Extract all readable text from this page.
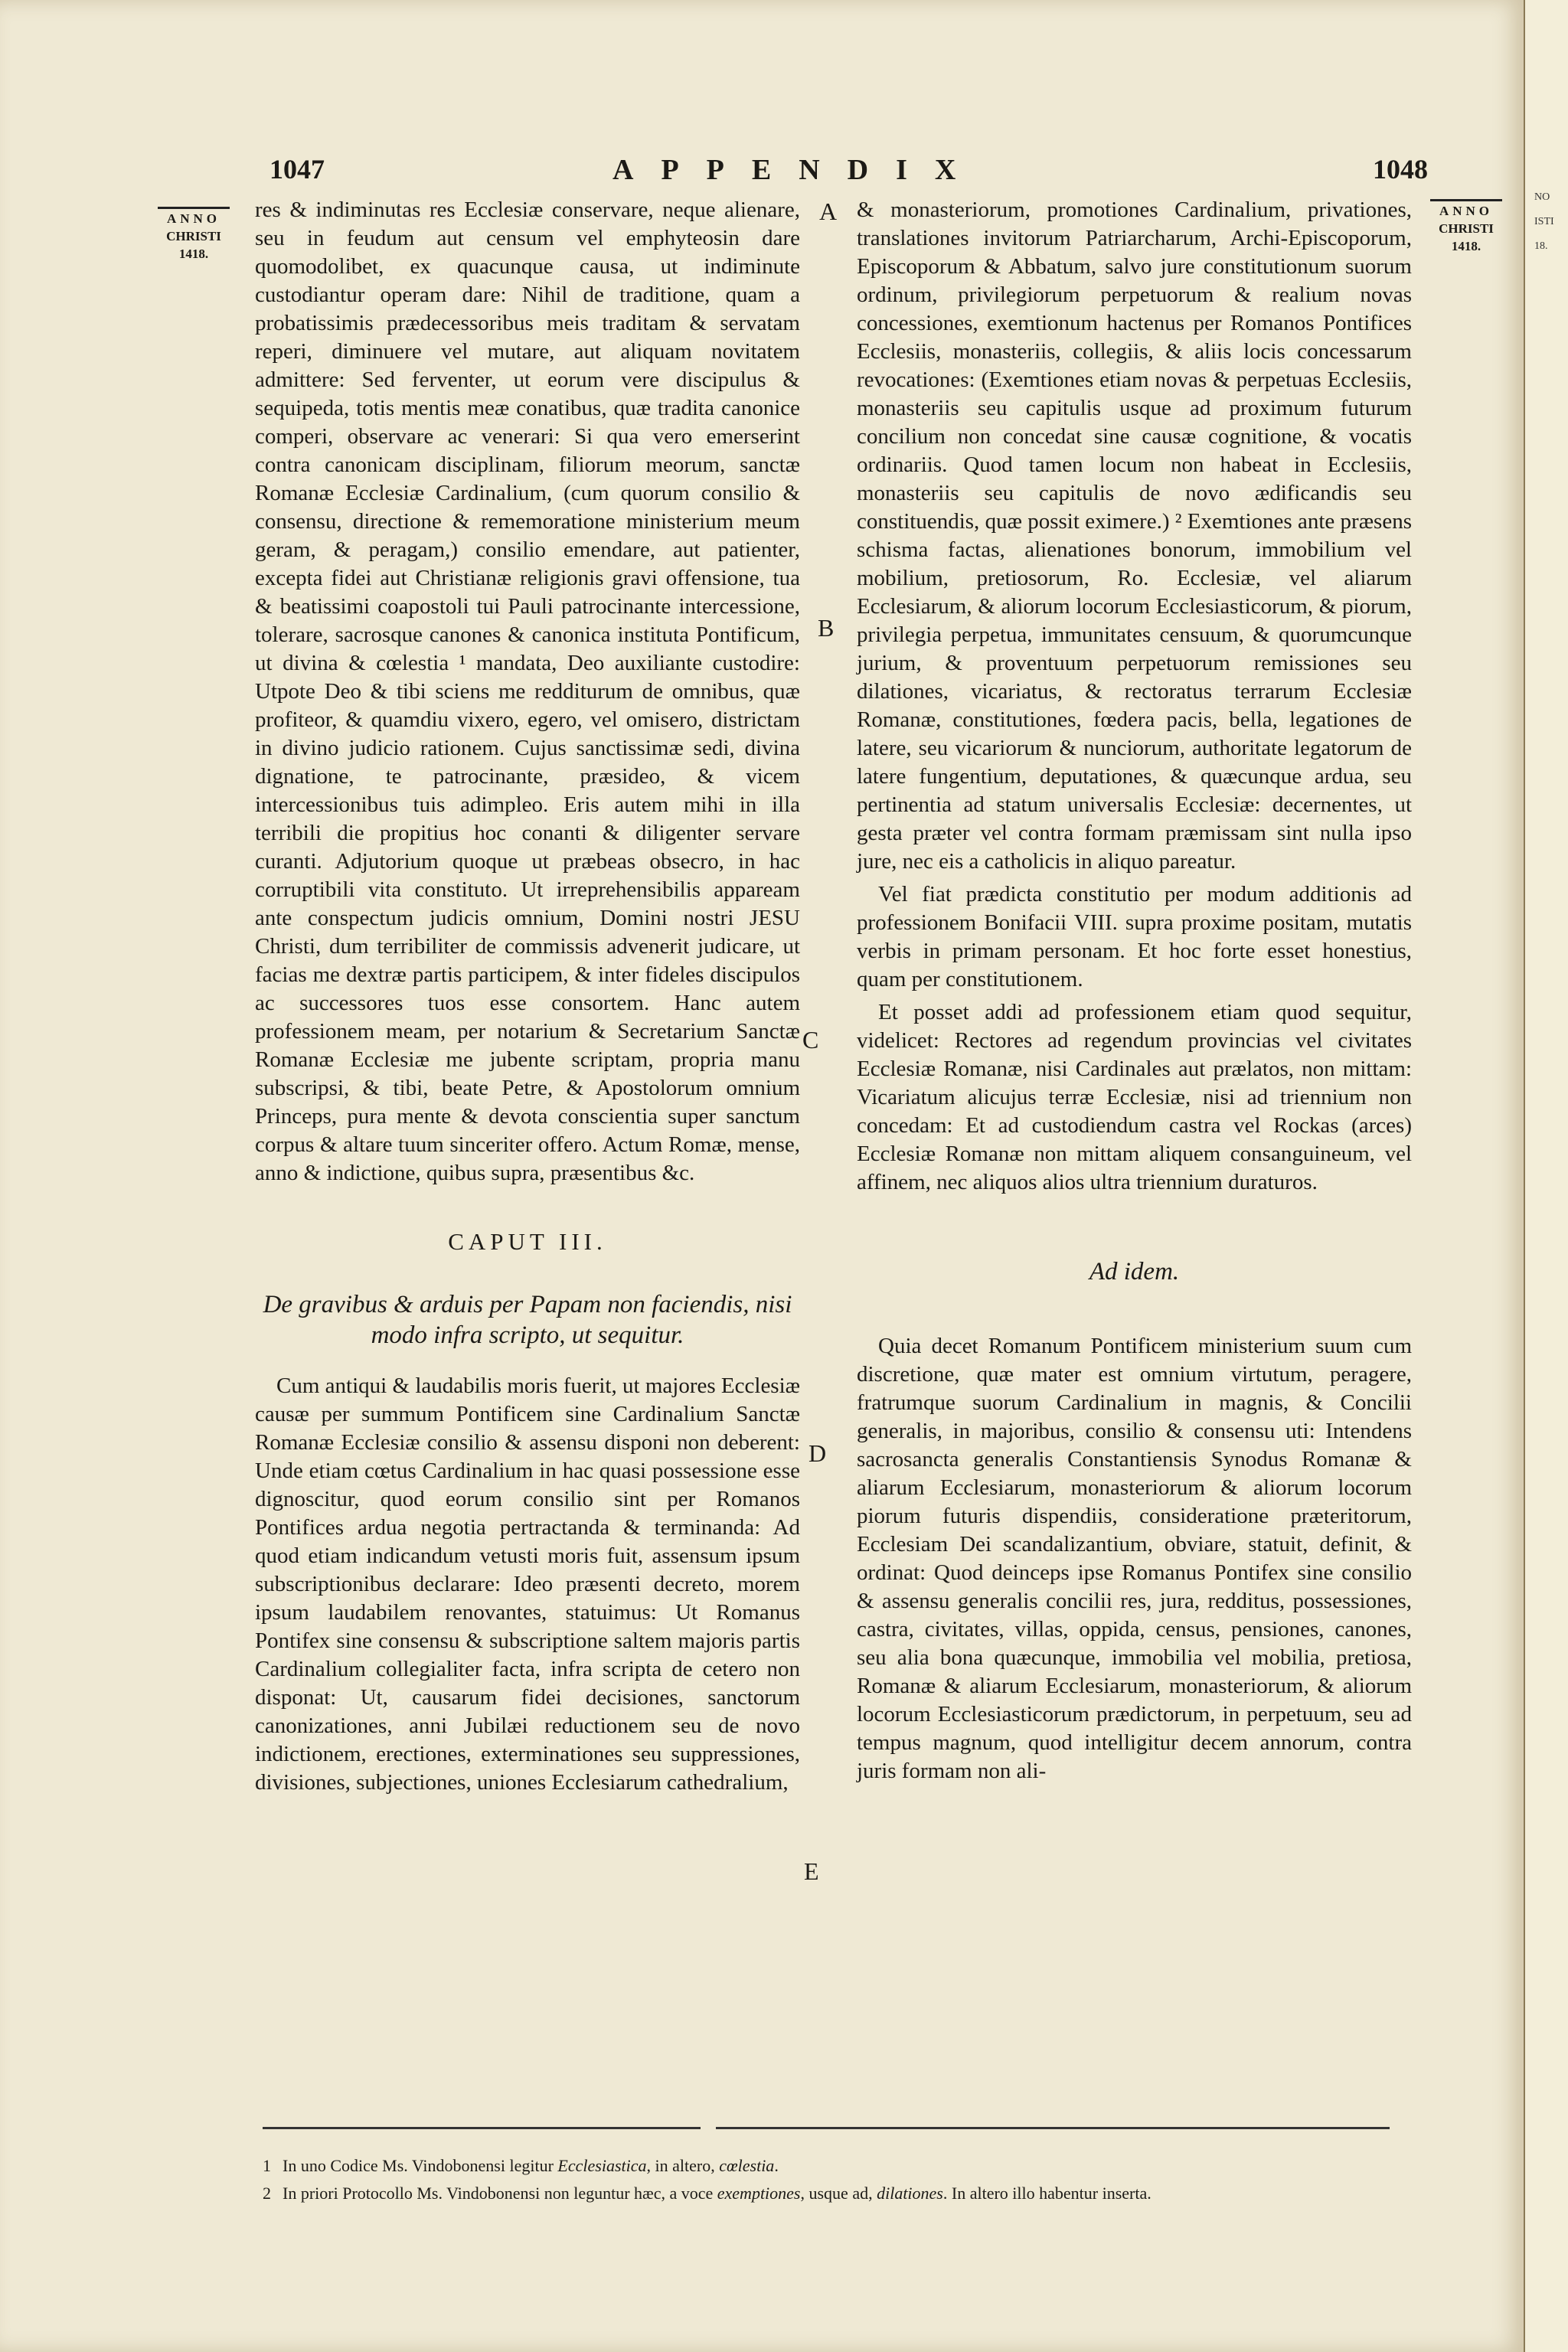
1047	APPENDIX	1048
ANNO
CHRISTI
1418.
ANNO
CHRISTI
1418.
A
B
C
D
E

res & indiminutas res Ecclesiæ conservare, neque alienare, seu in feudum aut censum vel emphyteosin dare quomodolibet, ex quacunque causa, ut indiminute custodiantur operam dare: Nihil de traditione, quam a probatissimis prædecessoribus meis traditam & servatam reperi, diminuere vel mutare, aut aliquam novitatem admittere: Sed ferventer, ut eorum vere discipulus & sequipeda, totis mentis meæ conatibus, quæ tradita canonice comperi, observare ac venerari: Si qua vero emerserint contra canonicam disciplinam, filiorum meorum, sanctæ Romanæ Ecclesiæ Cardinalium, (cum quorum consilio & consensu, directione & rememoratione ministerium meum geram, & peragam,) consilio emendare, aut patienter, excepta fidei aut Christianæ religionis gravi offensione, tua & beatissimi coapostoli tui Pauli patrocinante intercessione, tolerare, sacrosque canones & canonica instituta Pontificum, ut divina & cœlestia ¹ mandata, Deo auxiliante custodire: Utpote Deo & tibi sciens me redditurum de omnibus, quæ profiteor, & quamdiu vixero, egero, vel omisero, districtam in divino judicio rationem. Cujus sanctissimæ sedi, divina dignatione, te patrocinante, præsideo, & vicem intercessionibus tuis adimpleo. Eris autem mihi in illa terribili die propitius hoc conanti & diligenter servare curanti. Adjutorium quoque ut præbeas obsecro, in hac corruptibili vita constituto. Ut irreprehensibilis appaream ante conspectum judicis omnium, Domini nostri JESU Christi, dum terribiliter de commissis advenerit judicare, ut facias me dextræ partis participem, & inter fideles discipulos ac successores tuos esse consortem. Hanc autem professionem meam, per notarium & Secretarium Sanctæ Romanæ Ecclesiæ me jubente scriptam, propria manu subscripsi, & tibi, beate Petre, & Apostolorum omnium Princeps, pura mente & devota conscientia super sanctum corpus & altare tuum sinceriter offero. Actum Romæ, mense, anno & indictione, quibus supra, præsentibus &c.

CAPUT III.
De gravibus & arduis per Papam non faciendis, nisi modo infra scripto, ut sequitur.

Cum antiqui & laudabilis moris fuerit, ut majores Ecclesiæ causæ per summum Pontificem sine Cardinalium Sanctæ Romanæ Ecclesiæ consilio & assensu disponi non deberent: Unde etiam cœtus Cardinalium in hac quasi possessione esse dignoscitur, quod eorum consilio sint per Romanos Pontifices ardua negotia pertractanda & terminanda: Ad quod etiam indicandum vetusti moris fuit, assensum ipsum subscriptionibus declarare: Ideo præsenti decreto, morem ipsum laudabilem renovantes, statuimus: Ut Romanus Pontifex sine consensu & subscriptione saltem majoris partis Cardinalium collegialiter facta, infra scripta de cetero non disponat: Ut, causarum fidei decisiones, sanctorum canonizationes, anni Jubilæi reductionem seu de novo indictionem, erectiones, exterminationes seu suppressiones, divisiones, subjectiones, uniones Ecclesiarum cathedralium,

& monasteriorum, promotiones Cardinalium, privationes, translationes invitorum Patriarcharum, Archi-Episcoporum, Episcoporum & Abbatum, salvo jure constitutionum suorum ordinum, privilegiorum perpetuorum & realium novas concessiones, exemtionum hactenus per Romanos Pontifices Ecclesiis, monasteriis, collegiis, & aliis locis concessarum revocationes: (Exemtiones etiam novas & perpetuas Ecclesiis, monasteriis seu capitulis usque ad proximum futurum concilium non concedat sine causæ cognitione, & vocatis ordinariis. Quod tamen locum non habeat in Ecclesiis, monasteriis seu capitulis de novo ædificandis seu constituendis, quæ possit eximere.) ² Exemtiones ante præsens schisma factas, alienationes bonorum, immobilium vel mobilium, pretiosorum, Ro. Ecclesiæ, vel aliarum Ecclesiarum, & aliorum locorum Ecclesiasticorum, & piorum, privilegia perpetua, immunitates censuum, & quorumcunque jurium, & proventuum perpetuorum remissiones seu dilationes, vicariatus, & rectoratus terrarum Ecclesiæ Romanæ, constitutiones, fœdera pacis, bella, legationes de latere, seu vicariorum & nunciorum, authoritate legatorum de latere fungentium, deputationes, & quæcunque ardua, seu pertinentia ad statum universalis Ecclesiæ: decernentes, ut gesta præter vel contra formam præmissam sint nulla ipso jure, nec eis a catholicis in aliquo pareatur.

Vel fiat prædicta constitutio per modum additionis ad professionem Bonifacii VIII. supra proxime positam, mutatis verbis in primam personam. Et hoc forte esset honestius, quam per constitutionem.

Et posset addi ad professionem etiam quod sequitur, videlicet: Rectores ad regendum provincias vel civitates Ecclesiæ Romanæ, nisi Cardinales aut prælatos, non mittam: Vicariatum alicujus terræ Ecclesiæ, nisi ad triennium non concedam: Et ad custodiendum castra vel Rockas (arces) Ecclesiæ Romanæ non mittam aliquem consanguineum, vel affinem, nec aliquos alios ultra triennium duraturos.

Ad idem.

Quia decet Romanum Pontificem ministerium suum cum discretione, quæ mater est omnium virtutum, peragere, fratrumque suorum Cardinalium in magnis, & Concilii generalis, in majoribus, consilio & consensu uti: Intendens sacrosancta generalis Constantiensis Synodus Romanæ & aliarum Ecclesiarum, monasteriorum & aliorum locorum piorum futuris dispendiis, consideratione præteritorum, Ecclesiam Dei scandalizantium, obviare, statuit, definit, & ordinat: Quod deinceps ipse Romanus Pontifex sine consilio & assensu generalis concilii res, jura, redditus, possessiones, castra, civitates, villas, oppida, census, pensiones, canones, seu alia bona quæcunque, immobilia vel mobilia, pretiosa, Romanæ & aliarum Ecclesiarum, monasteriorum, & aliorum locorum Ecclesiasticorum prædictorum, in perpetuum, seu ad tempus magnum, quod intelligitur decem annorum, contra juris formam non ali-

1 In uno Codice Ms. Vindobonensi legitur Ecclesiastica, in altero, cœlestia.
2 In priori Protocollo Ms. Vindobonensi non leguntur hæc, a voce exemptiones, usque ad, dilationes. In altero illo habentur inserta.
NO
ISTI
18.
